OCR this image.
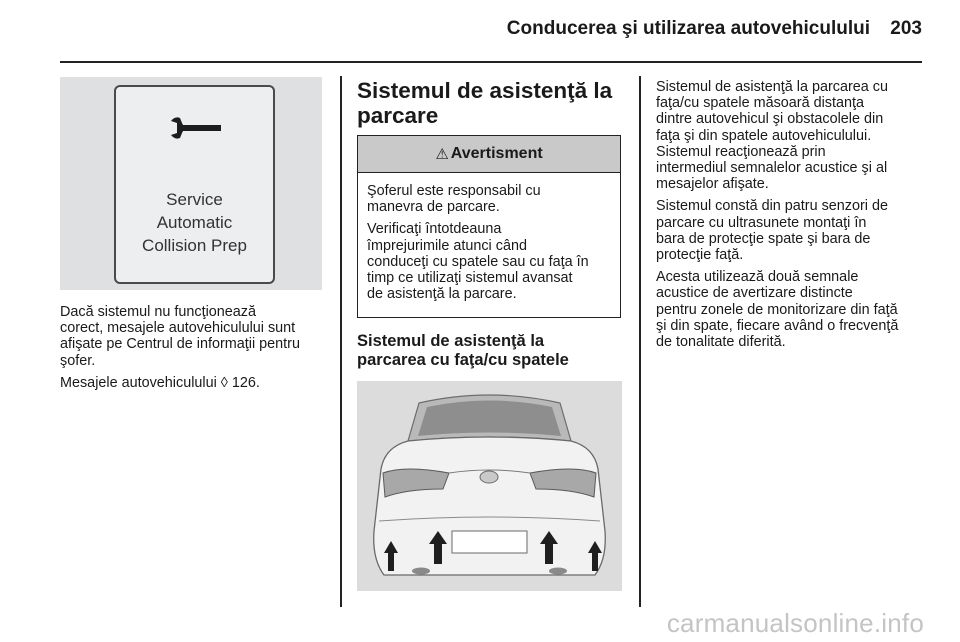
Conducerea şi utilizarea autovehiculului	203
Service
Automatic
Collision Prep

Dacă sistemul nu funcţionează
corect, mesajele autovehiculului sunt
afişate pe Centrul de informaţii pentru
şofer.

Mesajele autovehiculului ◊ 126.

Sistemul de asistenţă la
parcare
⚠ Avertisment

Şoferul este responsabil cu
manevra de parcare.

Verificaţi întotdeauna
împrejurimile atunci când
conduceţi cu spatele sau cu faţa în
timp ce utilizaţi sistemul avansat
de asistenţă la parcare.

Sistemul de asistenţă la
parcarea cu faţa/cu spatele

Sistemul de asistenţă la parcarea cu
faţa/cu spatele măsoară distanţa
dintre autovehicul şi obstacolele din
faţa şi din spatele autovehiculului.
Sistemul reacţionează prin
intermediul semnalelor acustice şi al
mesajelor afişate.

Sistemul constă din patru senzori de
parcare cu ultrasunete montaţi în
bara de protecţie spate şi bara de
protecţie faţă.

Acesta utilizează două semnale
acustice de avertizare distincte
pentru zonele de monitorizare din faţă
şi din spate, fiecare având o frecvenţă
de tonalitate diferită.

carmanualsonline.info
